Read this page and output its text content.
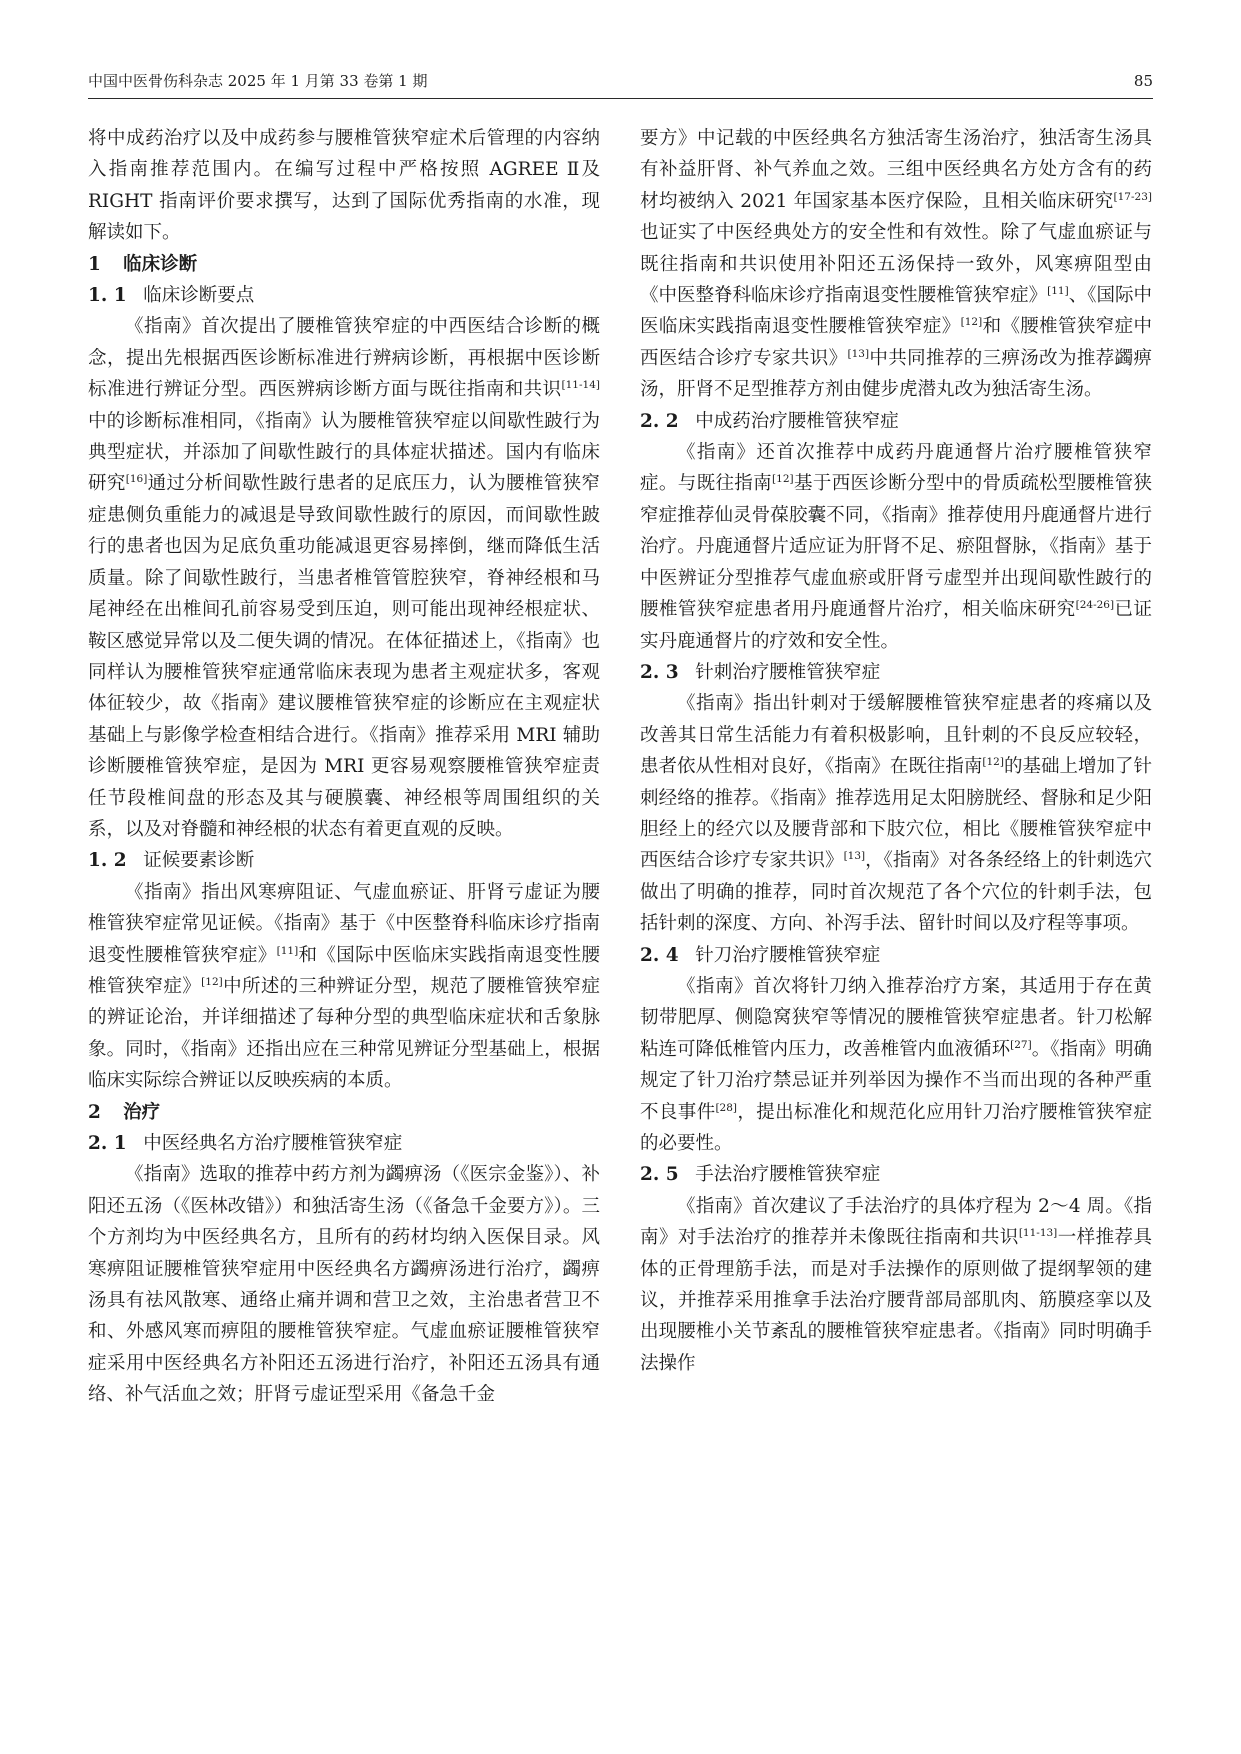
中国中医骨伤科杂志 2025 年 1 月第 33 卷第 1 期	85

将中成药治疗以及中成药参与腰椎管狭窄症术后管理的内容纳入指南推荐范围内。在编写过程中严格按照 AGREE Ⅱ及 RIGHT 指南评价要求撰写，达到了国际优秀指南的水准，现解读如下。

1 临床诊断
1. 1 临床诊断要点

《指南》首次提出了腰椎管狭窄症的中西医结合诊断的概念，提出先根据西医诊断标准进行辨病诊断，再根据中医诊断标准进行辨证分型。西医辨病诊断方面与既往指南和共识[11-14]中的诊断标准相同，《指南》认为腰椎管狭窄症以间歇性跛行为典型症状，并添加了间歇性跛行的具体症状描述。国内有临床研究[16]通过分析间歇性跛行患者的足底压力，认为腰椎管狭窄症患侧负重能力的减退是导致间歇性跛行的原因，而间歇性跛行的患者也因为足底负重功能减退更容易摔倒，继而降低生活质量。除了间歇性跛行，当患者椎管管腔狭窄，脊神经根和马尾神经在出椎间孔前容易受到压迫，则可能出现神经根症状、鞍区感觉异常以及二便失调的情况。在体征描述上，《指南》也同样认为腰椎管狭窄症通常临床表现为患者主观症状多，客观体征较少，故《指南》建议腰椎管狭窄症的诊断应在主观症状基础上与影像学检查相结合进行。《指南》推荐采用 MRI 辅助诊断腰椎管狭窄症，是因为 MRI 更容易观察腰椎管狭窄症责任节段椎间盘的形态及其与硬膜囊、神经根等周围组织的关系，以及对脊髓和神经根的状态有着更直观的反映。

1. 2 证候要素诊断

《指南》指出风寒痹阻证、气虚血瘀证、肝肾亏虚证为腰椎管狭窄症常见证候。《指南》基于《中医整脊科临床诊疗指南退变性腰椎管狭窄症》[11]和《国际中医临床实践指南退变性腰椎管狭窄症》[12]中所述的三种辨证分型，规范了腰椎管狭窄症的辨证论治，并详细描述了每种分型的典型临床症状和舌象脉象。同时，《指南》还指出应在三种常见辨证分型基础上，根据临床实际综合辨证以反映疾病的本质。

2 治疗
2. 1 中医经典名方治疗腰椎管狭窄症

《指南》选取的推荐中药方剂为蠲痹汤（《医宗金鉴》）、补阳还五汤（《医林改错》）和独活寄生汤（《备急千金要方》）。三个方剂均为中医经典名方，且所有的药材均纳入医保目录。风寒痹阻证腰椎管狭窄症用中医经典名方蠲痹汤进行治疗，蠲痹汤具有祛风散寒、通络止痛并调和营卫之效，主治患者营卫不和、外感风寒而痹阻的腰椎管狭窄症。气虚血瘀证腰椎管狭窄症采用中医经典名方补阳还五汤进行治疗，补阳还五汤具有通络、补气活血之效；肝肾亏虚证型采用《备急千金

要方》中记载的中医经典名方独活寄生汤治疗，独活寄生汤具有补益肝肾、补气养血之效。三组中医经典名方处方含有的药材均被纳入 2021 年国家基本医疗保险，且相关临床研究[17-23]也证实了中医经典处方的安全性和有效性。除了气虚血瘀证与既往指南和共识使用补阳还五汤保持一致外，风寒痹阻型由《中医整脊科临床诊疗指南退变性腰椎管狭窄症》[11]、《国际中医临床实践指南退变性腰椎管狭窄症》[12]和《腰椎管狭窄症中西医结合诊疗专家共识》[13]中共同推荐的三痹汤改为推荐蠲痹汤，肝肾不足型推荐方剂由健步虎潜丸改为独活寄生汤。

2. 2 中成药治疗腰椎管狭窄症

《指南》还首次推荐中成药丹鹿通督片治疗腰椎管狭窄症。与既往指南[12]基于西医诊断分型中的骨质疏松型腰椎管狭窄症推荐仙灵骨葆胶囊不同，《指南》推荐使用丹鹿通督片进行治疗。丹鹿通督片适应证为肝肾不足、瘀阻督脉，《指南》基于中医辨证分型推荐气虚血瘀或肝肾亏虚型并出现间歇性跛行的腰椎管狭窄症患者用丹鹿通督片治疗，相关临床研究[24-26]已证实丹鹿通督片的疗效和安全性。

2. 3 针刺治疗腰椎管狭窄症

《指南》指出针刺对于缓解腰椎管狭窄症患者的疼痛以及改善其日常生活能力有着积极影响，且针刺的不良反应较轻，患者依从性相对良好，《指南》在既往指南[12]的基础上增加了针刺经络的推荐。《指南》推荐选用足太阳膀胱经、督脉和足少阳胆经上的经穴以及腰背部和下肢穴位，相比《腰椎管狭窄症中西医结合诊疗专家共识》[13]，《指南》对各条经络上的针刺选穴做出了明确的推荐，同时首次规范了各个穴位的针刺手法，包括针刺的深度、方向、补泻手法、留针时间以及疗程等事项。

2. 4 针刀治疗腰椎管狭窄症

《指南》首次将针刀纳入推荐治疗方案，其适用于存在黄韧带肥厚、侧隐窝狭窄等情况的腰椎管狭窄症患者。针刀松解粘连可降低椎管内压力，改善椎管内血液循环[27]。《指南》明确规定了针刀治疗禁忌证并列举因为操作不当而出现的各种严重不良事件[28]，提出标准化和规范化应用针刀治疗腰椎管狭窄症的必要性。

2. 5 手法治疗腰椎管狭窄症

《指南》首次建议了手法治疗的具体疗程为 2～4 周。《指南》对手法治疗的推荐并未像既往指南和共识[11-13]一样推荐具体的正骨理筋手法，而是对手法操作的原则做了提纲挈领的建议，并推荐采用推拿手法治疗腰背部局部肌肉、筋膜痉挛以及出现腰椎小关节紊乱的腰椎管狭窄症患者。《指南》同时明确手法操作
